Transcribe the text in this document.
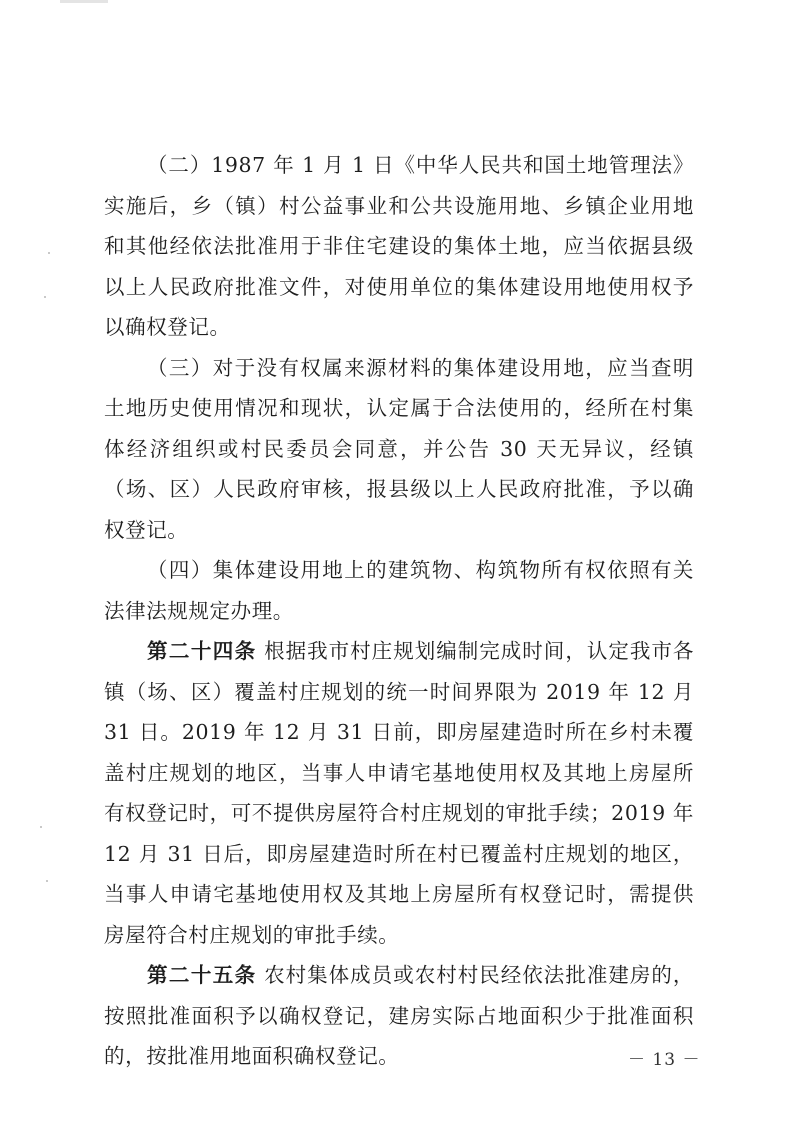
（二）1987 年 1 月 1 日《中华人民共和国土地管理法》实施后，乡（镇）村公益事业和公共设施用地、乡镇企业用地和其他经依法批准用于非住宅建设的集体土地，应当依据县级以上人民政府批准文件，对使用单位的集体建设用地使用权予以确权登记。

（三）对于没有权属来源材料的集体建设用地，应当查明土地历史使用情况和现状，认定属于合法使用的，经所在村集体经济组织或村民委员会同意，并公告 30 天无异议，经镇（场、区）人民政府审核，报县级以上人民政府批准，予以确权登记。

（四）集体建设用地上的建筑物、构筑物所有权依照有关法律法规规定办理。

第二十四条 根据我市村庄规划编制完成时间，认定我市各镇（场、区）覆盖村庄规划的统一时间界限为 2019 年 12 月 31 日。2019 年 12 月 31 日前，即房屋建造时所在乡村未覆盖村庄规划的地区，当事人申请宅基地使用权及其地上房屋所有权登记时，可不提供房屋符合村庄规划的审批手续；2019 年 12 月 31 日后，即房屋建造时所在村已覆盖村庄规划的地区，当事人申请宅基地使用权及其地上房屋所有权登记时，需提供房屋符合村庄规划的审批手续。

第二十五条 农村集体成员或农村村民经依法批准建房的，按照批准面积予以确权登记，建房实际占地面积少于批准面积的，按批准用地面积确权登记。	－ 13 －
